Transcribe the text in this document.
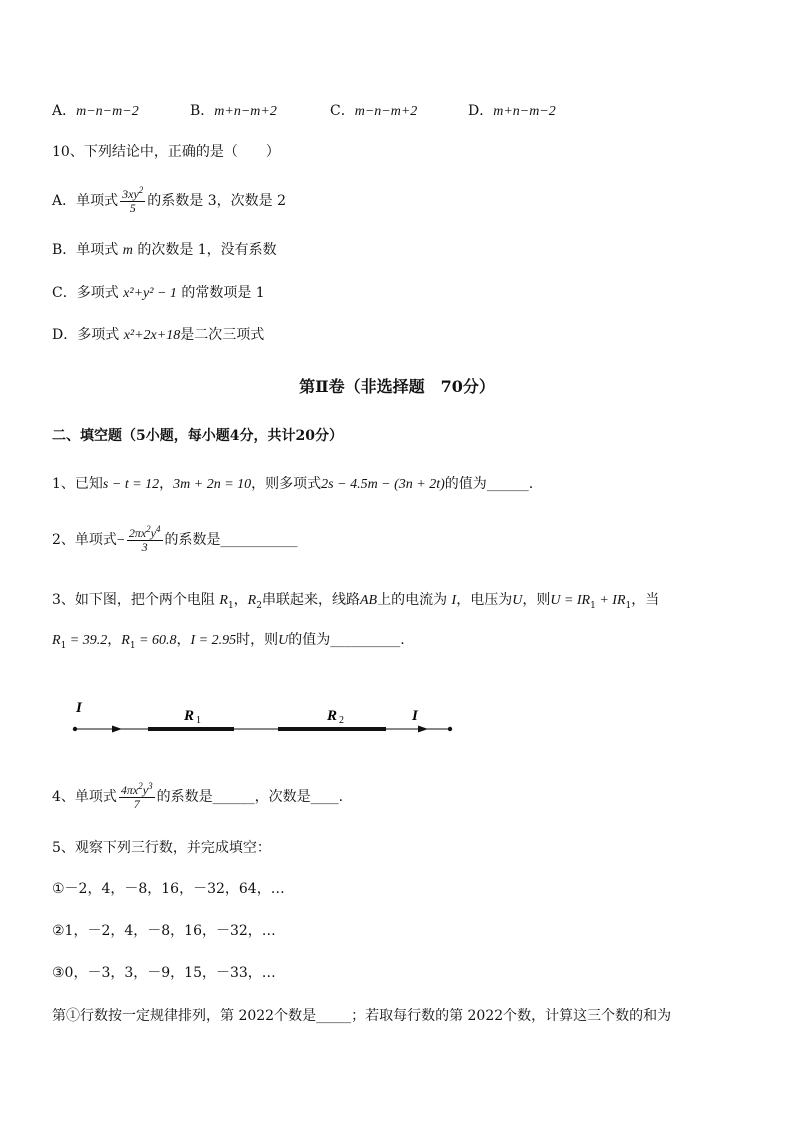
A．m−n−m−2	B．m+n−m+2	C．m−n−m+2	D．m+n−m−2
10、下列结论中，正确的是（　　）
A．单项式 $\frac{3xy^2}{5}$ 的系数是 3，次数是 2
B．单项式 m 的次数是 1，没有系数
C．多项式 x²+y² − 1 的常数项是 1
D．多项式 x²+2x+18是二次三项式
第Ⅱ卷（非选择题　70分）
二、填空题（5小题，每小题4分，共计20分）
1、已知s − t = 12，3m + 2n = 10，则多项式2s − 4.5m − (3n + 2t)的值为______.
2、单项式− $\frac{2\pi x^2y^4}{3}$ 的系数是___________
3、如下图，把个两个电阻 $R_1$，$R_2$串联起来，线路AB上的电流为 I，电压为U，则$U = IR_1 + IR_1$，当
$R_1 = 39.2$，$R_1 = 60.8$，I = 2.95时，则U的值为__________.
I	R 1	R 2	I
4、单项式 $\frac{4\pi x^2y^3}{7}$ 的系数是______，次数是____.
5、观察下列三行数，并完成填空：
①－2，4，－8，16，－32，64，…
②1，－2，4，－8，16，－32，…
③0，－3，3，－9，15，－33，…
第①行数按一定规律排列，第 2022个数是_____；若取每行数的第 2022个数，计算这三个数的和为
